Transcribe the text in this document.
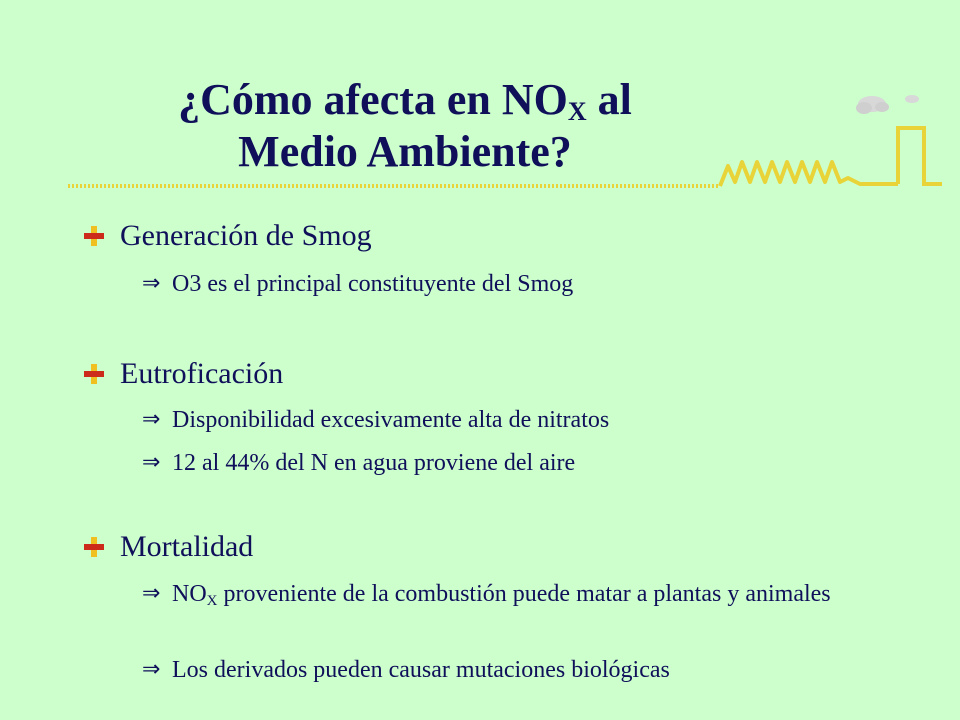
¿Cómo afecta en $NO_X$ al Medio Ambiente?
Generación de Smog
⇒ O3 es el principal constituyente del Smog
Eutroficación
⇒ Disponibilidad excesivamente alta de nitratos
⇒ 12 al 44% del N en agua proviene del aire
Mortalidad
⇒ $NO_X$ proveniente de la combustión puede matar a plantas y animales
⇒ Los derivados pueden causar mutaciones biológicas
